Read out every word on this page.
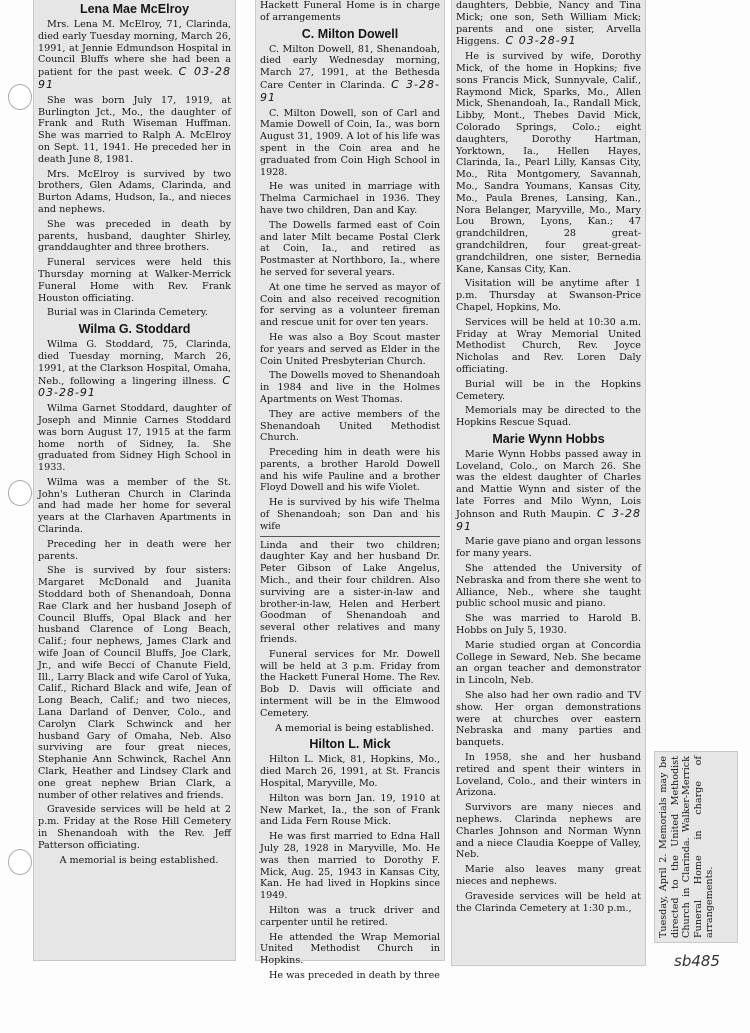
Lena Mae McElroy

Mrs. Lena M. McElroy, 71, Clarinda, died early Tuesday morning, March 26, 1991, at Jennie Edmundson Hospital in Council Bluffs where she had been a patient for the past week. C 03-28 91

She was born July 17, 1919, at Burlington Jct., Mo., the daughter of Frank and Ruth Wiseman Huffman. She was married to Ralph A. McElroy on Sept. 11, 1941. He preceded her in death June 8, 1981.

Mrs. McElroy is survived by two brothers, Glen Adams, Clarinda, and Burton Adams, Hudson, Ia., and nieces and nephews.

She was preceded in death by parents, husband, daughter Shirley, granddaughter and three brothers.

Funeral services were held this Thursday morning at Walker-Merrick Funeral Home with Rev. Frank Houston officiating.

Burial was in Clarinda Cemetery.

Wilma G. Stoddard

Wilma G. Stoddard, 75, Clarinda, died Tuesday morning, March 26, 1991, at the Clarkson Hospital, Omaha, Neb., following a lingering illness. C 03-28-91

Wilma Garnet Stoddard, daughter of Joseph and Minnie Carnes Stoddard was born August 17, 1915 at the farm home north of Sidney, Ia. She graduated from Sidney High School in 1933.

Wilma was a member of the St. John's Lutheran Church in Clarinda and had made her home for several years at the Clarhaven Apartments in Clarinda.

Preceding her in death were her parents.

She is survived by four sisters: Margaret McDonald and Juanita Stoddard both of Shenandoah, Donna Rae Clark and her husband Joseph of Council Bluffs, Opal Black and her husband Clarence of Long Beach, Calif.; four nephews, James Clark and wife Joan of Council Bluffs, Joe Clark, Jr., and wife Becci of Chanute Field, Ill., Larry Black and wife Carol of Yuka, Calif., Richard Black and wife, Jean of Long Beach, Calif.; and two nieces, Lana Darland of Denver, Colo., and Carolyn Clark Schwinck and her husband Gary of Omaha, Neb. Also surviving are four great nieces, Stephanie Ann Schwinck, Rachel Ann Clark, Heather and Lindsey Clark and one great nephew Brian Clark, a number of other relatives and friends.

Graveside services will be held at 2 p.m. Friday at the Rose Hill Cemetery in Shenandoah with the Rev. Jeff Patterson officiating.

A memorial is being established.

Hackett Funeral Home is in charge of arrangements

C. Milton Dowell

C. Milton Dowell, 81, Shenandoah, died early Wednesday morning, March 27, 1991, at the Bethesda Care Center in Clarinda. C 3-28-91

C. Milton Dowell, son of Carl and Mamie Dowell of Coin, Ia., was born August 31, 1909. A lot of his life was spent in the Coin area and he graduated from Coin High School in 1928.

He was united in marriage with Thelma Carmichael in 1936. They have two children, Dan and Kay.

The Dowells farmed east of Coin and later Milt became Postal Clerk at Coin, Ia., and retired as Postmaster at Northboro, Ia., where he served for several years.

At one time he served as mayor of Coin and also received recognition for serving as a volunteer fireman and rescue unit for over ten years.

He was also a Boy Scout master for years and served as Elder in the Coin United Presbyterian Church.

The Dowells moved to Shenandoah in 1984 and live in the Holmes Apartments on West Thomas.

They are active members of the Shenandoah United Methodist Church.

Preceding him in death were his parents, a brother Harold Dowell and his wife Pauline and a brother Floyd Dowell and his wife Violet.

He is survived by his wife Thelma of Shenandoah; son Dan and his wife

Linda and their two children; daughter Kay and her husband Dr. Peter Gibson of Lake Angelus, Mich., and their four children. Also surviving are a sister-in-law and brother-in-law, Helen and Herbert Goodman of Shenandoah and several other relatives and many friends.

Funeral services for Mr. Dowell will be held at 3 p.m. Friday from the Hackett Funeral Home. The Rev. Bob D. Davis will officiate and interment will be in the Elmwood Cemetery.

A memorial is being established.

Hilton L. Mick

Hilton L. Mick, 81, Hopkins, Mo., died March 26, 1991, at St. Francis Hospital, Maryville, Mo.

Hilton was born Jan. 19, 1910 at New Market, Ia., the son of Frank and Lida Fern Rouse Mick.

He was first married to Edna Hall July 28, 1928 in Maryville, Mo. He was then married to Dorothy F. Mick, Aug. 25, 1943 in Kansas City, Kan. He had lived in Hopkins since 1949.

Hilton was a truck driver and carpenter until he retired.

He attended the Wrap Memorial United Methodist Church in Hopkins.

He was preceded in death by three

daughters, Debbie, Nancy and Tina Mick; one son, Seth William Mick; parents and one sister, Arvella Higgens. C 03-28-91

He is survived by wife, Dorothy Mick, of the home in Hopkins; five sons Francis Mick, Sunnyvale, Calif., Raymond Mick, Sparks, Mo., Allen Mick, Shenandoah, Ia., Randall Mick, Libby, Mont., Thebes David Mick, Colorado Springs, Colo.; eight daughters, Dorothy Hartman, Yorktown, Ia., Hellen Hayes, Clarinda, Ia., Pearl Lilly, Kansas City, Mo., Rita Montgomery, Savannah, Mo., Sandra Youmans, Kansas City, Mo., Paula Brenes, Lansing, Kan., Nora Belanger, Maryville, Mo., Mary Lou Brown, Lyons, Kan.; 47 grandchildren, 28 great-grandchildren, four great-great-grandchildren, one sister, Bernedia Kane, Kansas City, Kan.

Visitation will be anytime after 1 p.m. Thursday at Swanson-Price Chapel, Hopkins, Mo.

Services will be held at 10:30 a.m. Friday at Wray Memorial United Methodist Church, Rev. Joyce Nicholas and Rev. Loren Daly officiating.

Burial will be in the Hopkins Cemetery.

Memorials may be directed to the Hopkins Rescue Squad.

Marie Wynn Hobbs

Marie Wynn Hobbs passed away in Loveland, Colo., on March 26. She was the eldest daughter of Charles and Mattie Wynn and sister of the late Forres and Milo Wynn, Lois Johnson and Ruth Maupin. C 3-28 91

Marie gave piano and organ lessons for many years.

She attended the University of Nebraska and from there she went to Alliance, Neb., where she taught public school music and piano.

She was married to Harold B. Hobbs on July 5, 1930.

Marie studied organ at Concordia College in Seward, Neb. She became an organ teacher and demonstrator in Lincoln, Neb.

She also had her own radio and TV show. Her organ demonstrations were at churches over eastern Nebraska and many parties and banquets.

In 1958, she and her husband retired and spent their winters in Loveland, Colo., and their winters in Arizona.

Survivors are many nieces and nephews. Clarinda nephews are Charles Johnson and Norman Wynn and a niece Claudia Koeppe of Valley, Neb.

Marie also leaves many great nieces and nephews.

Graveside services will be held at the Clarinda Cemetery at 1:30 p.m.,	Tuesday, April 2. Memorials may be directed to the United Methodist Church in Clarinda. Walker-Merrick Funeral Home in charge of arrangements.

sb485
